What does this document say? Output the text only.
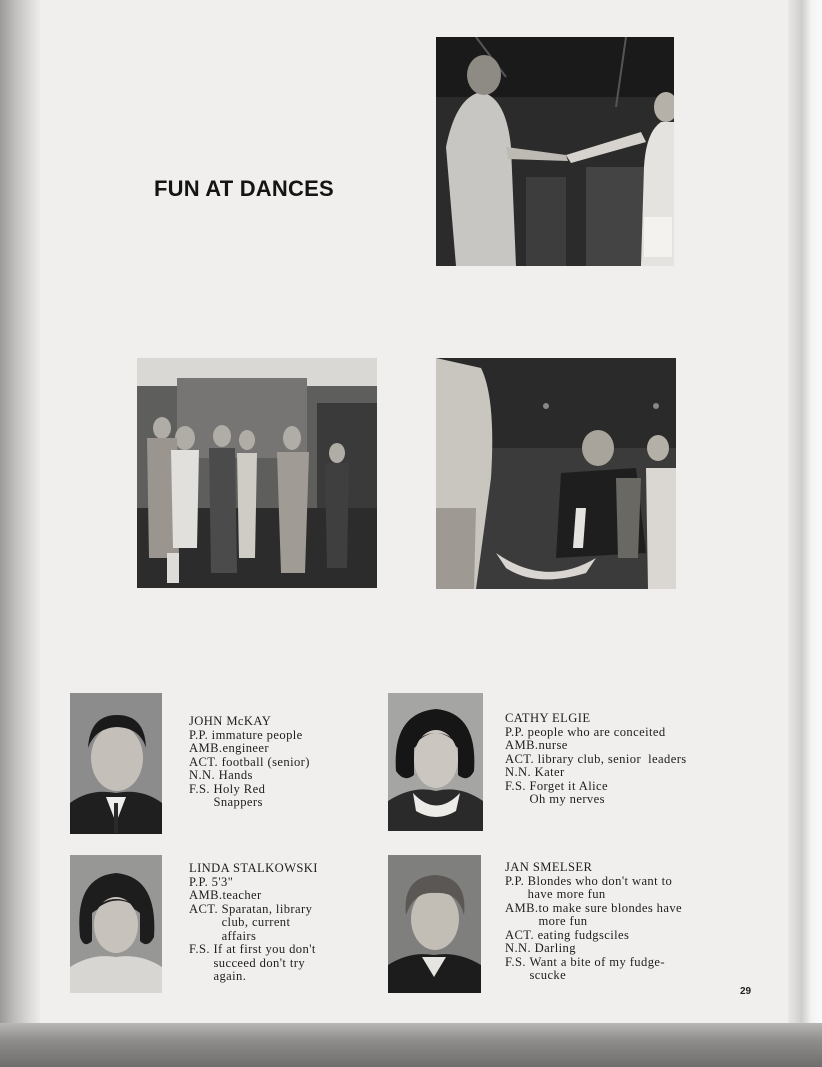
FUN AT DANCES
JOHN McKAY
P.P. immature people
AMB. engineer
ACT. football (senior)
N.N. Hands
F.S. Holy Red
Snappers
CATHY ELGIE
P.P. people who are conceited
AMB. nurse
ACT. library club, senior  leaders
N.N. Kater
F.S. Forget it Alice
Oh my nerves
LINDA STALKOWSKI
P.P. 5'3"
AMB. teacher
ACT. Sparatan, library
club, current
affairs
F.S. If at first you don't
succeed don't try
again.
JAN SMELSER
P.P. Blondes who don't want to
have more fun
AMB. to make sure blondes have
more fun
ACT. eating fudgsciles
N.N. Darling
F.S. Want a bite of my fudge-
scucke
29
